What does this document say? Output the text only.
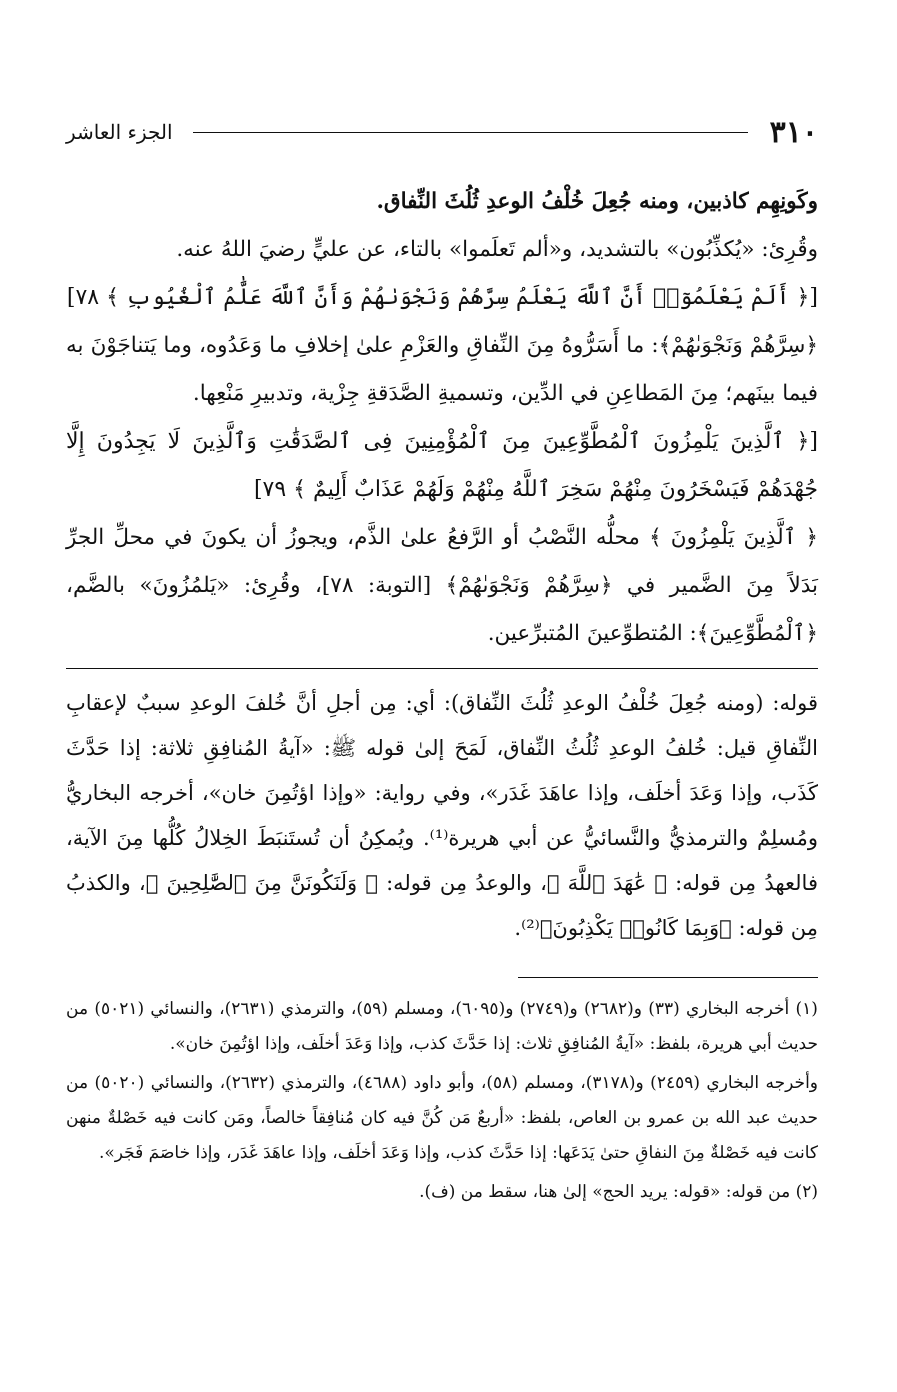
٣١٠
الجزء العاشر

وكَونِهِم كاذبين، ومنه جُعِلَ خُلْفُ الوعدِ ثُلُثَ النِّفاق.

وقُرِئ: «يُكذِّبُون» بالتشديد، و«ألم تَعلَموا» بالتاء، عن عليٍّ رضيَ اللهُ عنه.

[﴿ أَلَمْ يَعْلَمُوٓا۟ أَنَّ ٱللَّهَ يَعْلَمُ سِرَّهُمْ وَنَجْوَىٰهُمْ وَأَنَّ ٱللَّهَ عَلَّٰمُ ٱلْغُيُوبِ ﴾ ٧٨]

﴿سِرَّهُمْ وَنَجْوَىٰهُمْ﴾: ما أَسَرُّوهُ مِنَ النِّفاقِ والعَزْمِ علىٰ إخلافِ ما وَعَدُوه، وما يَتناجَوْنَ به فيما بينَهم؛ مِنَ المَطاعِنِ في الدِّين، وتسميةِ الصَّدَقةِ جِزْية، وتدبيرِ مَنْعِها.

[﴿ ٱلَّذِينَ يَلْمِزُونَ ٱلْمُطَّوِّعِينَ مِنَ ٱلْمُؤْمِنِينَ فِى ٱلصَّدَقَٰتِ وَٱلَّذِينَ لَا يَجِدُونَ إِلَّا جُهْدَهُمْ فَيَسْخَرُونَ مِنْهُمْ سَخِرَ ٱللَّهُ مِنْهُمْ وَلَهُمْ عَذَابٌ أَلِيمٌ ﴾ ٧٩]

﴿ ٱلَّذِينَ يَلْمِزُونَ ﴾ محلُّه النَّصْبُ أو الرَّفعُ علىٰ الذَّم، ويجوزُ أن يكونَ في محلِّ الجرِّ بَدَلاً مِنَ الضَّمير في ﴿سِرَّهُمْ وَنَجْوَىٰهُمْ﴾ [التوبة: ٧٨]، وقُرِئ: «يَلمُزُونَ» بالضَّم، ﴿ٱلْمُطَّوِّعِينَ﴾: المُتطوِّعينَ المُتبرِّعين.

قوله: (ومنه جُعِلَ خُلْفُ الوعدِ ثُلُثَ النِّفاق): أي: مِن أجلِ أنَّ خُلفَ الوعدِ سببٌ لإعقابِ النِّفاقِ قيل: خُلفُ الوعدِ ثُلُثُ النِّفاق، لَمَحَ إلىٰ قوله ﷺ: «آيةُ المُنافِقِ ثلاثة: إذا حَدَّثَ كَذَب، وإذا وَعَدَ أخلَف، وإذا عاهَدَ غَدَر»، وفي رواية: «وإذا اؤتُمِنَ خان»، أخرجه البخاريُّ ومُسلِمٌ والترمذيُّ والنَّسائيُّ عن أبي هريرة⁽¹⁾. ويُمكِنُ أن تُستَنبَطَ الخِلالُ كُلُّها مِنَ الآية، فالعهدُ مِن قوله: ﴿ عَٰهَدَ ٱللَّهَ ﴾، والوعدُ مِن قوله: ﴿ وَلَنَكُونَنَّ مِنَ ٱلصَّٰلِحِينَ ﴾، والكذبُ مِن قوله: ﴿وَبِمَا كَانُوا۟ يَكْذِبُونَ﴾⁽²⁾.

(١) أخرجه البخاري (٣٣) و(٢٦٨٢) و(٢٧٤٩) و(٦٠٩٥)، ومسلم (٥٩)، والترمذي (٢٦٣١)، والنسائي (٥٠٢١) من حديث أبي هريرة، بلفظ: «آيةُ المُنافِقِ ثلاث: إذا حَدَّثَ كذب، وإذا وَعَدَ أخلَف، وإذا اؤتُمِنَ خان».

وأخرجه البخاري (٢٤٥٩) و(٣١٧٨)، ومسلم (٥٨)، وأبو داود (٤٦٨٨)، والترمذي (٢٦٣٢)، والنسائي (٥٠٢٠) من حديث عبد الله بن عمرو بن العاص، بلفظ: «أربعٌ مَن كُنَّ فيه كان مُنافِقاً خالصاً، ومَن كانت فيه خَصْلةٌ منهن كانت فيه خَصْلةٌ مِنَ النفاقِ حتىٰ يَدَعَها: إذا حَدَّثَ كذب، وإذا وَعَدَ أخلَف، وإذا عاهَدَ غَدَر، وإذا خاصَمَ فَجَر».

(٢) من قوله: «قوله: يريد الحج» إلىٰ هنا، سقط من (ف).
